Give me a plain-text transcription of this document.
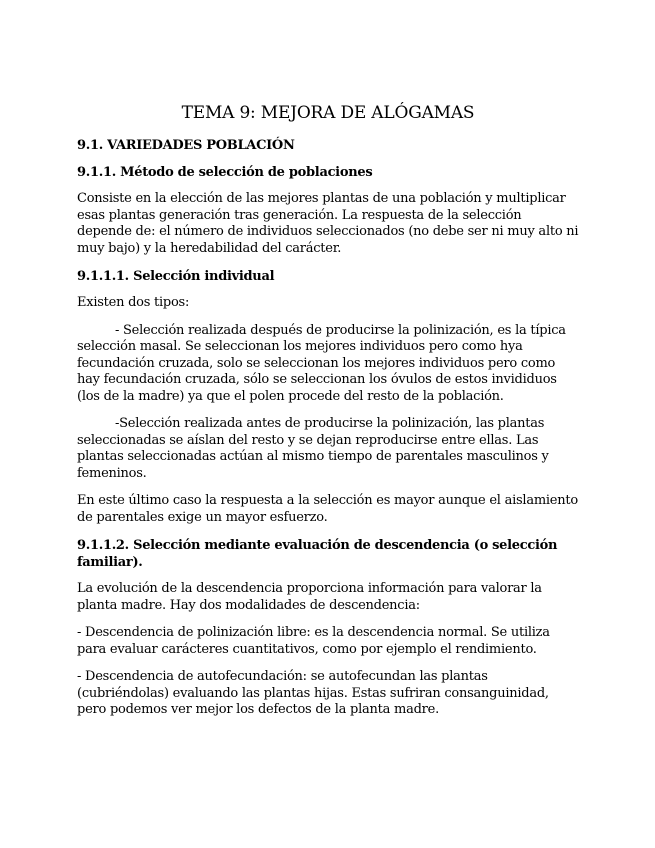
TEMA 9: MEJORA DE ALÓGAMAS
9.1. VARIEDADES POBLACIÓN
9.1.1. Método de selección de poblaciones

Consiste en la elección de las mejores plantas de una población y multiplicar esas plantas generación tras generación. La respuesta de la selección depende de: el número de individuos seleccionados (no debe ser ni muy alto ni muy bajo) y la heredabilidad del carácter.

9.1.1.1. Selección individual

Existen dos tipos:

- Selección realizada después de producirse la polinización, es la típica selección masal. Se seleccionan los mejores individuos pero como hya fecundación cruzada, solo se seleccionan los mejores individuos pero como hay fecundación cruzada, sólo se seleccionan los óvulos de estos invididuos (los de la madre) ya que el polen procede del resto de la población.

-Selección realizada antes de producirse la polinización, las plantas seleccionadas se aíslan del resto y se dejan reproducirse entre ellas. Las plantas seleccionadas actúan al mismo tiempo de parentales masculinos y femeninos.

En este último caso la respuesta a la selección es mayor aunque el aislamiento de parentales exige un mayor esfuerzo.

9.1.1.2. Selección mediante evaluación de descendencia (o selección familiar).

La evolución de la descendencia proporciona información para valorar la planta madre. Hay dos modalidades de descendencia:

- Descendencia de polinización libre: es la descendencia normal. Se utiliza para evaluar carácteres cuantitativos, como por ejemplo el rendimiento.

- Descendencia de autofecundación: se autofecundan las plantas (cubriéndolas) evaluando las plantas hijas. Estas sufriran consanguinidad, pero podemos ver mejor los defectos de la planta madre.
